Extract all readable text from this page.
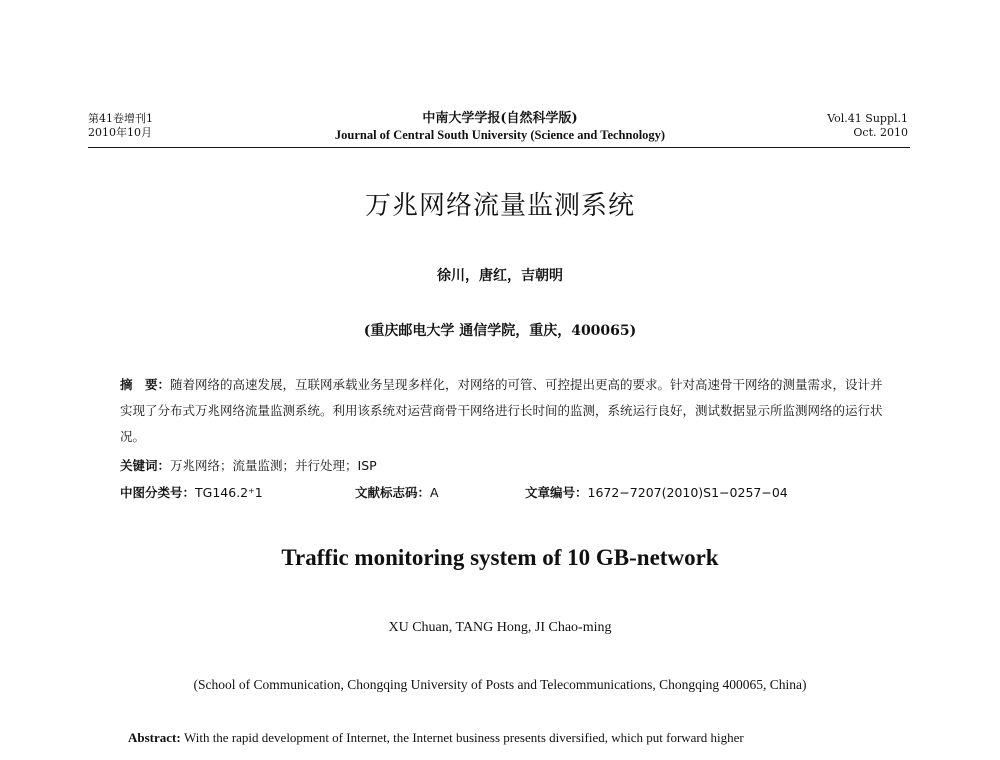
第41卷增刊1
2010年10月
中南大学学报(自然科学版)
Journal of Central South University (Science and Technology)
Vol.41 Suppl.1
Oct. 2010
万兆网络流量监测系统
徐川，唐红，吉朝明
(重庆邮电大学 通信学院，重庆，400065)
摘　要：随着网络的高速发展，互联网承载业务呈现多样化，对网络的可管、可控提出更高的要求。针对高速骨干网络的测量需求，设计并实现了分布式万兆网络流量监测系统。利用该系统对运营商骨干网络进行长时间的监测，系统运行良好，测试数据显示所监测网络的运行状况。
关键词：万兆网络；流量监测；并行处理；ISP
中图分类号：TG146.2⁺1	文献标志码：A	文章编号：1672−7207(2010)S1−0257−04
Traffic monitoring system of 10 GB-network
XU Chuan, TANG Hong, JI Chao-ming
(School of Communication, Chongqing University of Posts and Telecommunications, Chongqing 400065, China)
Abstract: With the rapid development of Internet, the Internet business presents diversified, which put forward higher
